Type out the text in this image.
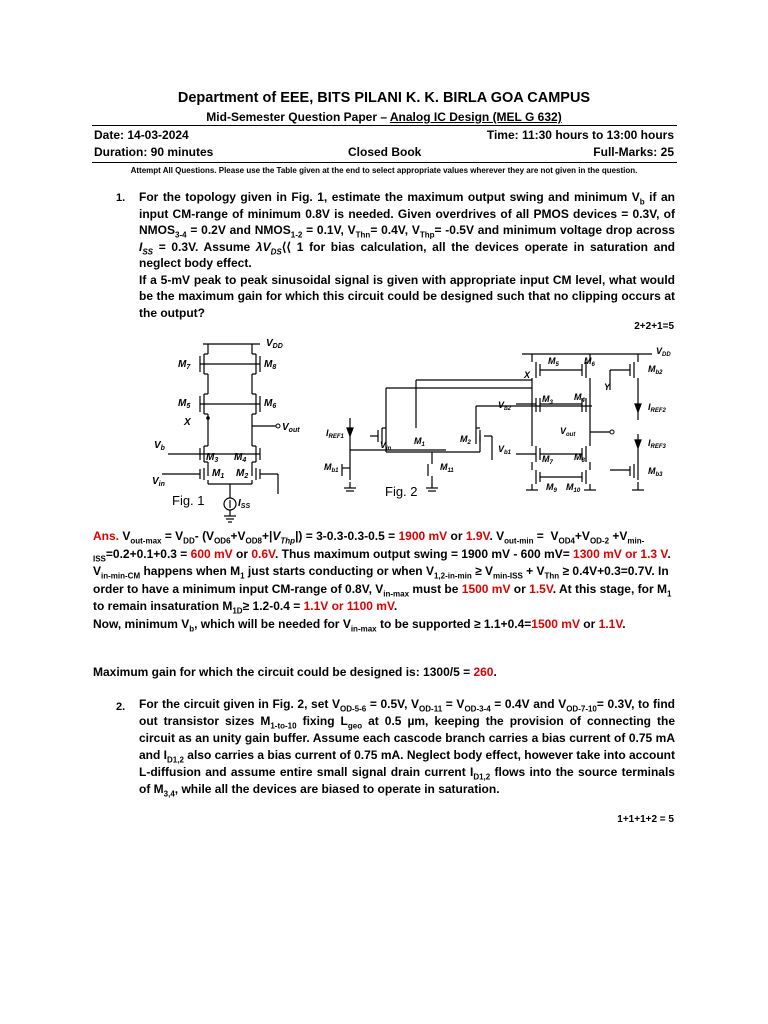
Department of EEE, BITS PILANI K. K. BIRLA GOA CAMPUS
Mid-Semester Question Paper – Analog IC Design (MEL G 632)
Date: 14-03-2024	Time: 11:30 hours to 13:00 hours
Duration: 90 minutes	Closed Book	Full-Marks: 25
Attempt All Questions. Please use the Table given at the end to select appropriate values wherever they are not given in the question.
1. For the topology given in Fig. 1, estimate the maximum output swing and minimum $V_b$ if an input CM-range of minimum 0.8V is needed. Given overdrives of all PMOS devices = 0.3V, of $NMOS_{3-4} = 0.2V$ and $NMOS_{1-2} = 0.1V$, $V_{Thn}= 0.4V$, $V_{Thp}= -0.5V$ and minimum voltage drop across $I_{SS} = 0.3V$. Assume $\lambda V_{DS}⟨⟨$ 1 for bias calculation, all the devices operate in saturation and neglect body effect.
If a 5-mV peak to peak sinusoidal signal is given with appropriate input CM level, what would be the maximum gain for which this circuit could be designed such that no clipping occurs at the output?
2+2+1=5
$V_{DD}$
$M_7$	$M_8$
$M_5$	$M_6$
X	$V_{out}$
$V_b$
$M_3$ $M_4$
$M_1$ $M_2$
$V_{in}$
$I_{SS}$
Fig. 1
$I_{REF1}$
$V_{in}$
$M_1$
$M_2$
$M_{b1}$	$M_{11}$
$M_5$	$M_6$
$V_{DD}$
$M_{b2}$
X
Y
$V_{b2}$
$M_3$
$M_4$
$I_{REF2}$
$V_{out}$
$V_{b1}$
$I_{REF3}$
$M_7$
$M_8$
$M_{b3}$
$M_9$ $M_{10}$
Fig. 2
Ans. $V_{out-max} = V_{DD}-$ $(V_{OD6}+V_{OD8}+|V_{Thp}|) = 3-0.3-0.3-0.5 = 1900$ mV or 1.9V. $V_{out-min} = V_{OD4}+V_{OD-2} +V_{min-ISS}=0.2+0.1+0.3 = 600$ mV or 0.6V. Thus maximum output swing = 1900 mV - 600 mV= 1300 mV or 1.3 V.
$V_{in-min-CM}$ happens when $M_1$ just starts conducting or when $V_{1,2-in-min} \ge V_{min-ISS} + V_{Thn} \ge 0.4V+0.3=0.7V$. In order to have a minimum input CM-range of 0.8V, $V_{in-max}$ must be 1500 mV or 1.5V. At this stage, for $M_1$ to remain insaturation $M_{1D}\ge 1.2-0.4 = 1.1V$ or 1100 mV.
Now, minimum $V_b$, which will be needed for $V_{in-max}$ to be supported ≥ 1.1+0.4=1500 mV or 1.1V.
Maximum gain for which the circuit could be designed is: 1300/5 = 260.
2. For the circuit given in Fig. 2, set $V_{OD-5-6} = 0.5V$, $V_{OD-11} = V_{OD-3-4} = 0.4V$ and $V_{OD-7-10}= 0.3V$, to find out transistor sizes $M_{1-to-10}$ fixing $L_{geo}$ at 0.5 µm, keeping the provision of connecting the circuit as an unity gain buffer. Assume each cascode branch carries a bias current of 0.75 mA and $I_{D1,2}$ also carries a bias current of 0.75 mA. Neglect body effect, however take into account L-diffusion and assume entire small signal drain current $I_{D1,2}$ flows into the source terminals of $M_{3,4}$, while all the devices are biased to operate in saturation.
1+1+1+2 = 5
